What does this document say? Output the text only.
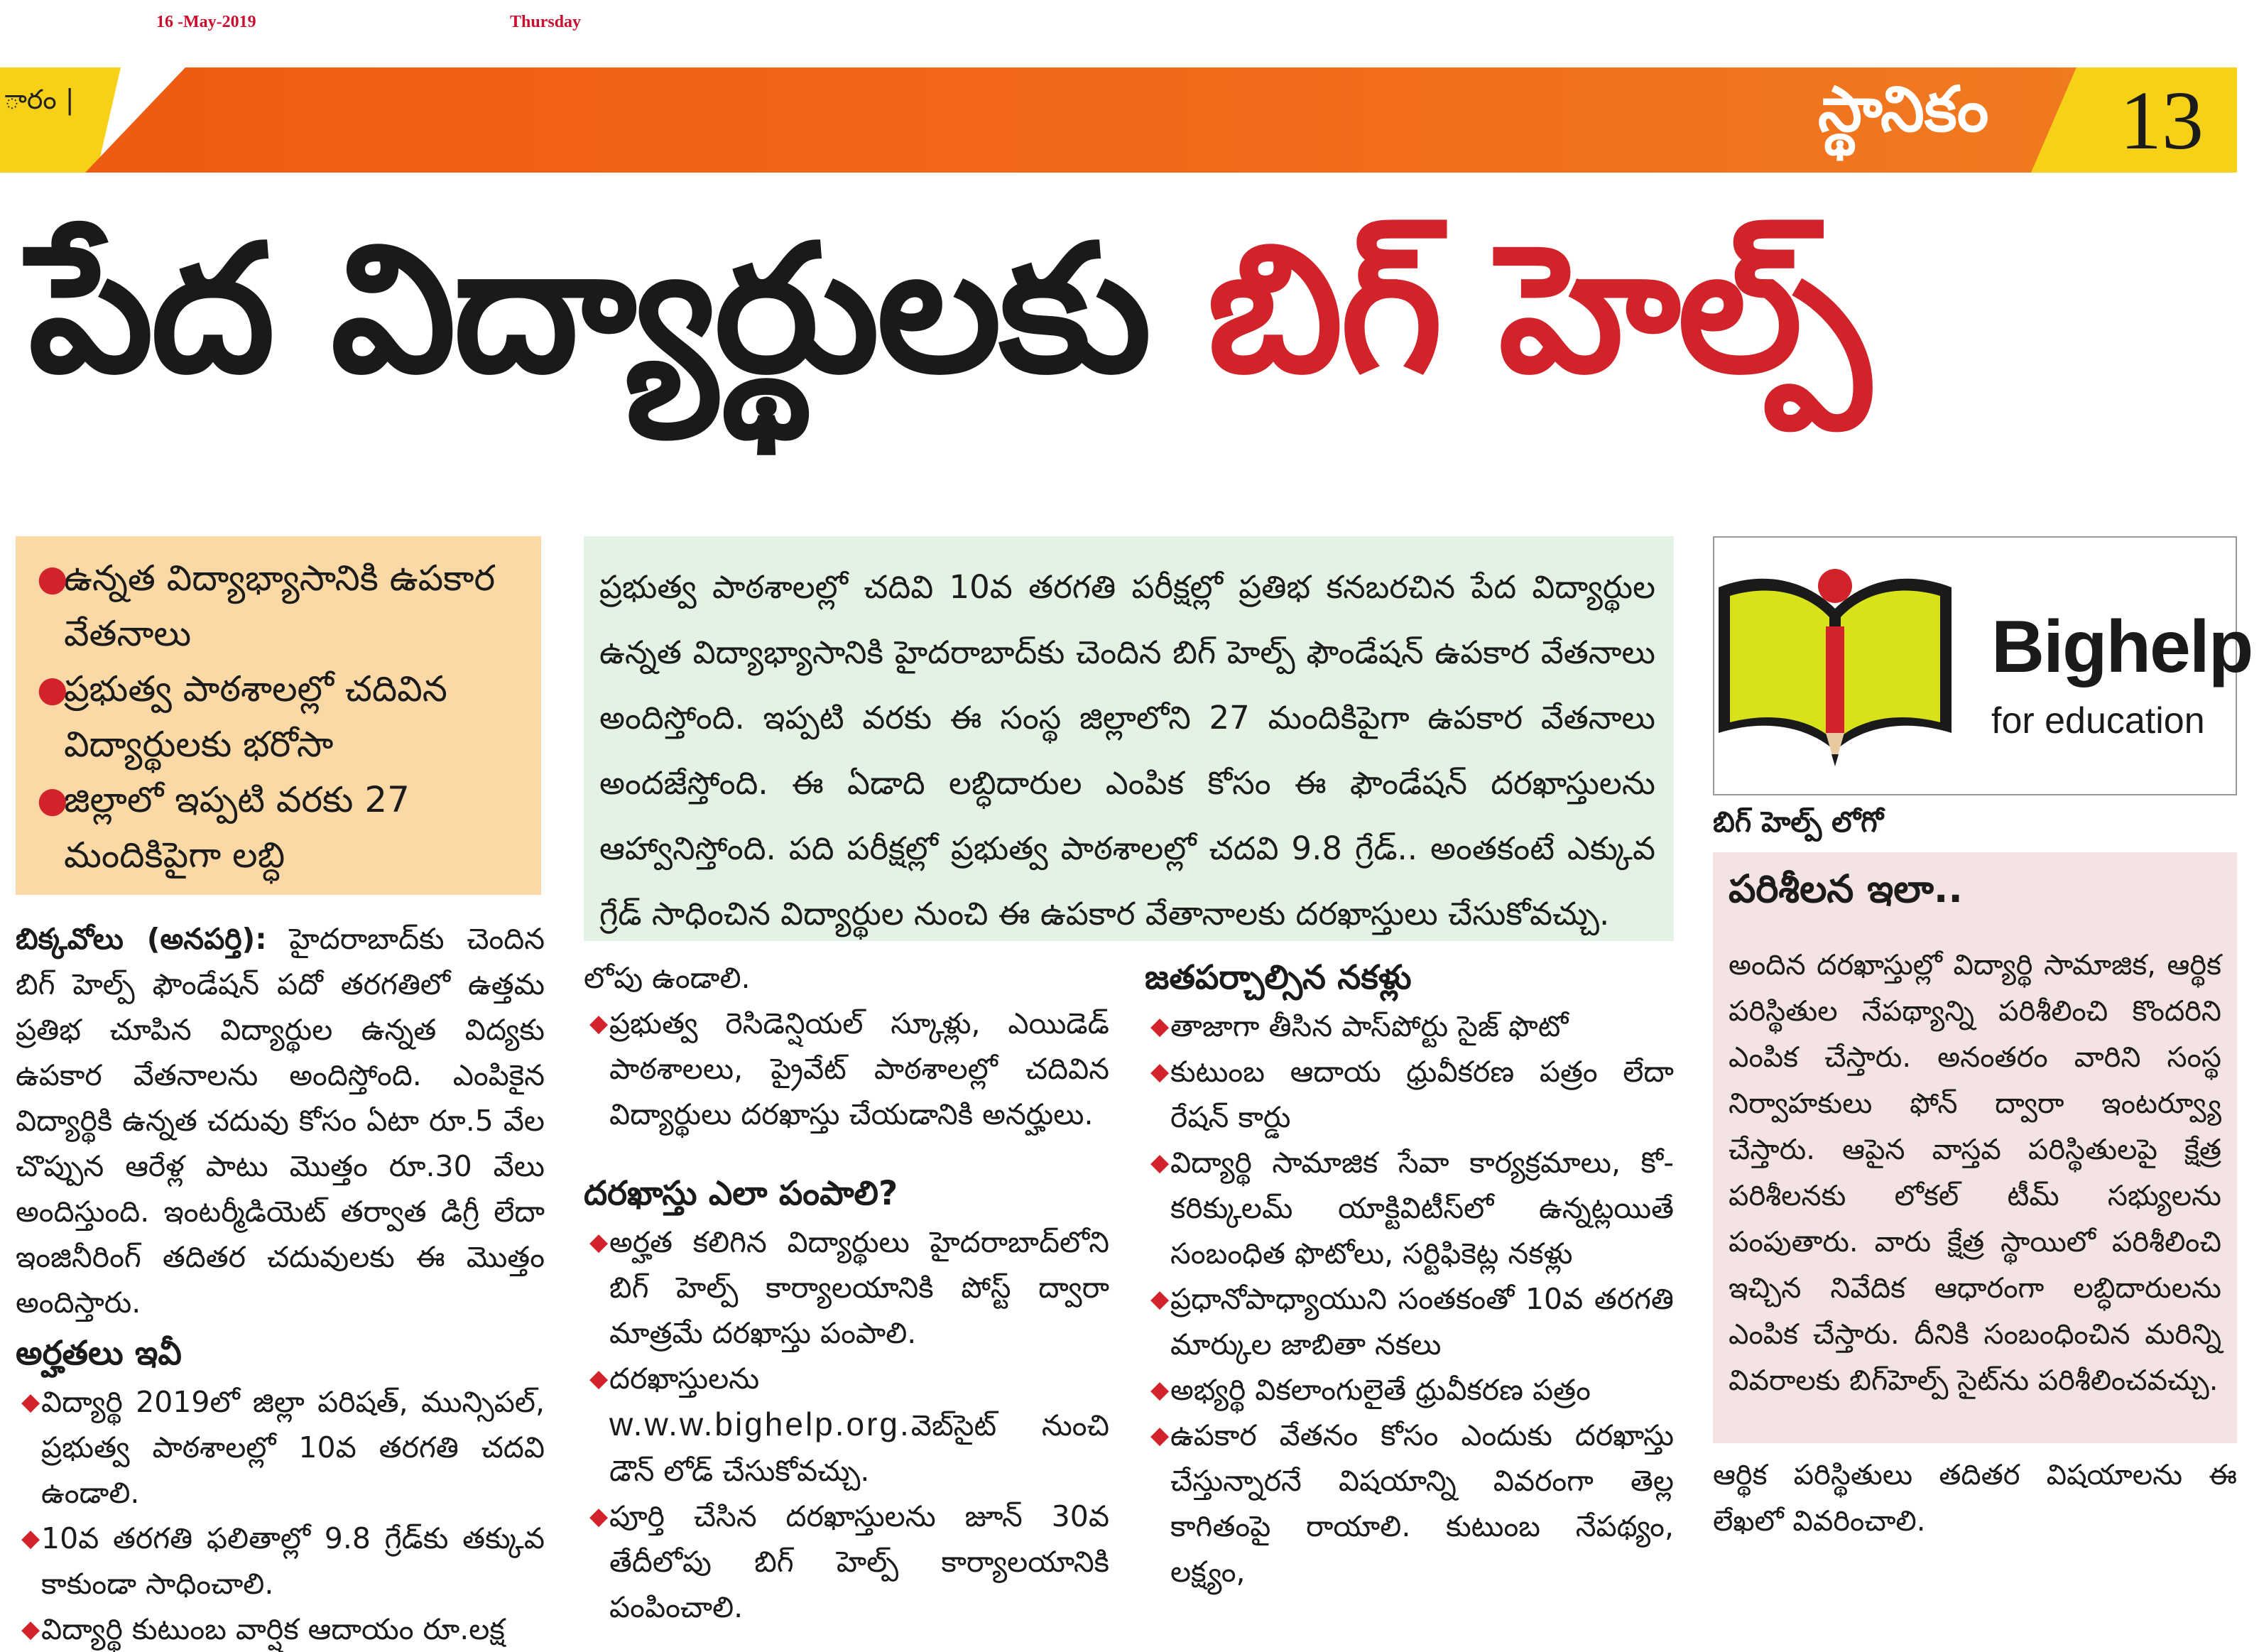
16 -May-2019	Thursday
ారం |	స్థానికం 13
పేద విద్యార్థులకు బిగ్ హెల్ప్
●
ఉన్నత విద్యాభ్యాసానికి ఉపకార వేతనాలు
●
ప్రభుత్వ పాఠశాలల్లో చదివిన విద్యార్థులకు భరోసా
●
జిల్లాలో ఇప్పటి వరకు 27 మందికిపైగా లబ్ధి

ప్రభుత్వ పాఠశాలల్లో చదివి 10వ తరగతి పరీక్షల్లో ప్రతిభ కనబరచిన పేద విద్యార్థుల ఉన్నత విద్యాభ్యాసానికి హైదరాబాద్‌కు చెందిన బిగ్ హెల్ప్ ఫౌండేషన్ ఉపకార వేతనాలు అందిస్తోంది. ఇప్పటి వరకు ఈ సంస్థ జిల్లాలోని 27 మందికిపైగా ఉపకార వేతనాలు అందజేస్తోంది. ఈ ఏడాది లబ్ధిదారుల ఎంపిక కోసం ఈ ఫౌండేషన్ దరఖాస్తులను ఆహ్వానిస్తోంది. పది పరీక్షల్లో ప్రభుత్వ పాఠశాలల్లో చదవి 9.8 గ్రేడ్.. అంతకంటే ఎక్కువ గ్రేడ్ సాధించిన విద్యార్థుల నుంచి ఈ ఉపకార వేతానాలకు దరఖాస్తులు చేసుకోవచ్చు.

Bighelp
for education
బిగ్ హెల్ప్ లోగో
పరిశీలన ఇలా..

అందిన దరఖాస్తుల్లో విద్యార్థి సామాజిక, ఆర్థిక పరిస్థితుల నేపథ్యాన్ని పరిశీలించి కొందరిని ఎంపిక చేస్తారు. అనంతరం వారిని సంస్థ నిర్వాహకులు ఫోన్ ద్వారా ఇంటర్వ్యూ చేస్తారు. ఆపైన వాస్తవ పరిస్థితులపై క్షేత్ర పరిశీలనకు లోకల్ టీమ్ సభ్యులను పంపుతారు. వారు క్షేత్ర స్థాయిలో పరిశీలించి ఇచ్చిన నివేదిక ఆధారంగా లబ్ధిదారులను ఎంపిక చేస్తారు. దీనికి సంబంధించిన మరిన్ని వివరాలకు బిగ్‌హెల్ప్ సైట్‌ను పరిశీలించవచ్చు.

ఆర్థిక పరిస్థితులు తదితర విషయాలను ఈ లేఖలో వివరించాలి.

బిక్కవోలు (అనపర్తి): హైదరాబాద్‌కు చెందిన బిగ్ హెల్ప్ ఫౌండేషన్ పదో తరగతిలో ఉత్తమ ప్రతిభ చూపిన విద్యార్థుల ఉన్నత విద్యకు ఉపకార వేతనాలను అందిస్తోంది. ఎంపికైన విద్యార్థికి ఉన్నత చదువు కోసం ఏటా రూ.5 వేల చొప్పున ఆరేళ్ల పాటు మొత్తం రూ.30 వేలు అందిస్తుంది. ఇంటర్మీడియెట్ తర్వాత డిగ్రీ లేదా ఇంజినీరింగ్ తదితర చదువులకు ఈ మొత్తం అందిస్తారు.

అర్హతలు ఇవీ

◆ విద్యార్థి 2019లో జిల్లా పరిషత్, మున్సిపల్, ప్రభుత్వ పాఠశాలల్లో 10వ తరగతి చదవి ఉండాలి.

◆ 10వ తరగతి ఫలితాల్లో 9.8 గ్రేడ్‌కు తక్కువ కాకుండా సాధించాలి.

◆ విద్యార్థి కుటుంబ వార్షిక ఆదాయం రూ.లక్ష

లోపు ఉండాలి.

◆ ప్రభుత్వ రెసిడెన్షియల్ స్కూళ్లు, ఎయిడెడ్ పాఠశాలలు, ప్రైవేట్ పాఠశాలల్లో చదివిన విద్యార్థులు దరఖాస్తు చేయడానికి అనర్హులు.

దరఖాస్తు ఎలా పంపాలి?

◆ అర్హత కలిగిన విద్యార్థులు హైదరాబాద్‌లోని బిగ్ హెల్ప్ కార్యాలయానికి పోస్ట్ ద్వారా మాత్రమే దరఖాస్తు పంపాలి.

◆ దరఖాస్తులను w.w.w.bighelp.org.వెబ్‌సైట్ నుంచి డౌన్ లోడ్ చేసుకోవచ్చు.

◆ పూర్తి చేసిన దరఖాస్తులను జూన్ 30వ తేదీలోపు బిగ్ హెల్ప్ కార్యాలయానికి పంపించాలి.

జతపర్చాల్సిన నకళ్లు

◆ తాజాగా తీసిన పాస్‌పోర్టు సైజ్ ఫొటో

◆ కుటుంబ ఆదాయ ధ్రువీకరణ పత్రం లేదా రేషన్ కార్డు

◆ విద్యార్థి సామాజిక సేవా కార్యక్రమాలు, కో-కరిక్కులమ్ యాక్టివిటీస్‌లో ఉన్నట్లయితే సంబంధిత ఫొటోలు, సర్టిఫికెట్ల నకళ్లు

◆ ప్రధానోపాధ్యాయుని సంతకంతో 10వ తరగతి మార్కుల జాబితా నకలు

◆ అభ్యర్థి వికలాంగులైతే ధ్రువీకరణ పత్రం

◆ ఉపకార వేతనం కోసం ఎందుకు దరఖాస్తు చేస్తున్నారనే విషయాన్ని వివరంగా తెల్ల కాగితంపై రాయాలి. కుటుంబ నేపథ్యం, లక్ష్యం,
